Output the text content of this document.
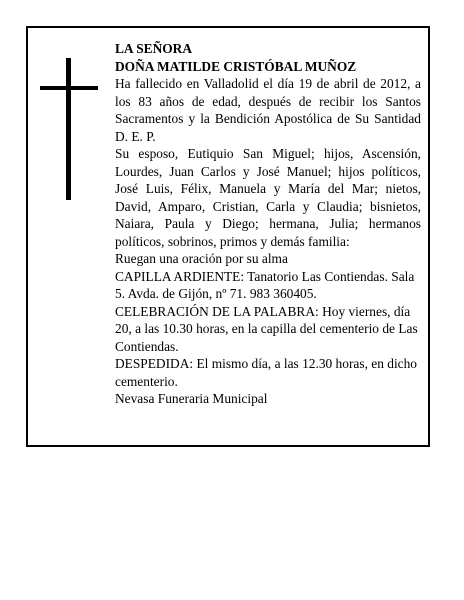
LA SEÑORA

DOÑA MATILDE CRISTÓBAL MUÑOZ

Ha fallecido en Valladolid el día 19 de abril de 2012, a los 83 años de edad, después de recibir los Santos Sacramentos y la Bendición Apostólica de Su Santidad D. E. P.

Su esposo, Eutiquio San Miguel; hijos, Ascensión, Lourdes, Juan Carlos y José Manuel; hijos políticos, José Luis, Félix, Manuela y María del Mar; nietos, David, Amparo, Cristian, Carla y Claudia; bisnietos, Naiara, Paula y Diego; hermana, Julia; hermanos políticos, sobrinos, primos y demás familia:

Ruegan una oración por su alma

CAPILLA ARDIENTE: Tanatorio Las Contiendas. Sala 5. Avda. de Gijón, nº 71. 983 360405.

CELEBRACIÓN DE LA PALABRA: Hoy viernes, día 20, a las 10.30 horas, en la capilla del cementerio de Las Contiendas.

DESPEDIDA: El mismo día, a las 12.30 horas, en dicho cementerio.

Nevasa Funeraria Municipal
